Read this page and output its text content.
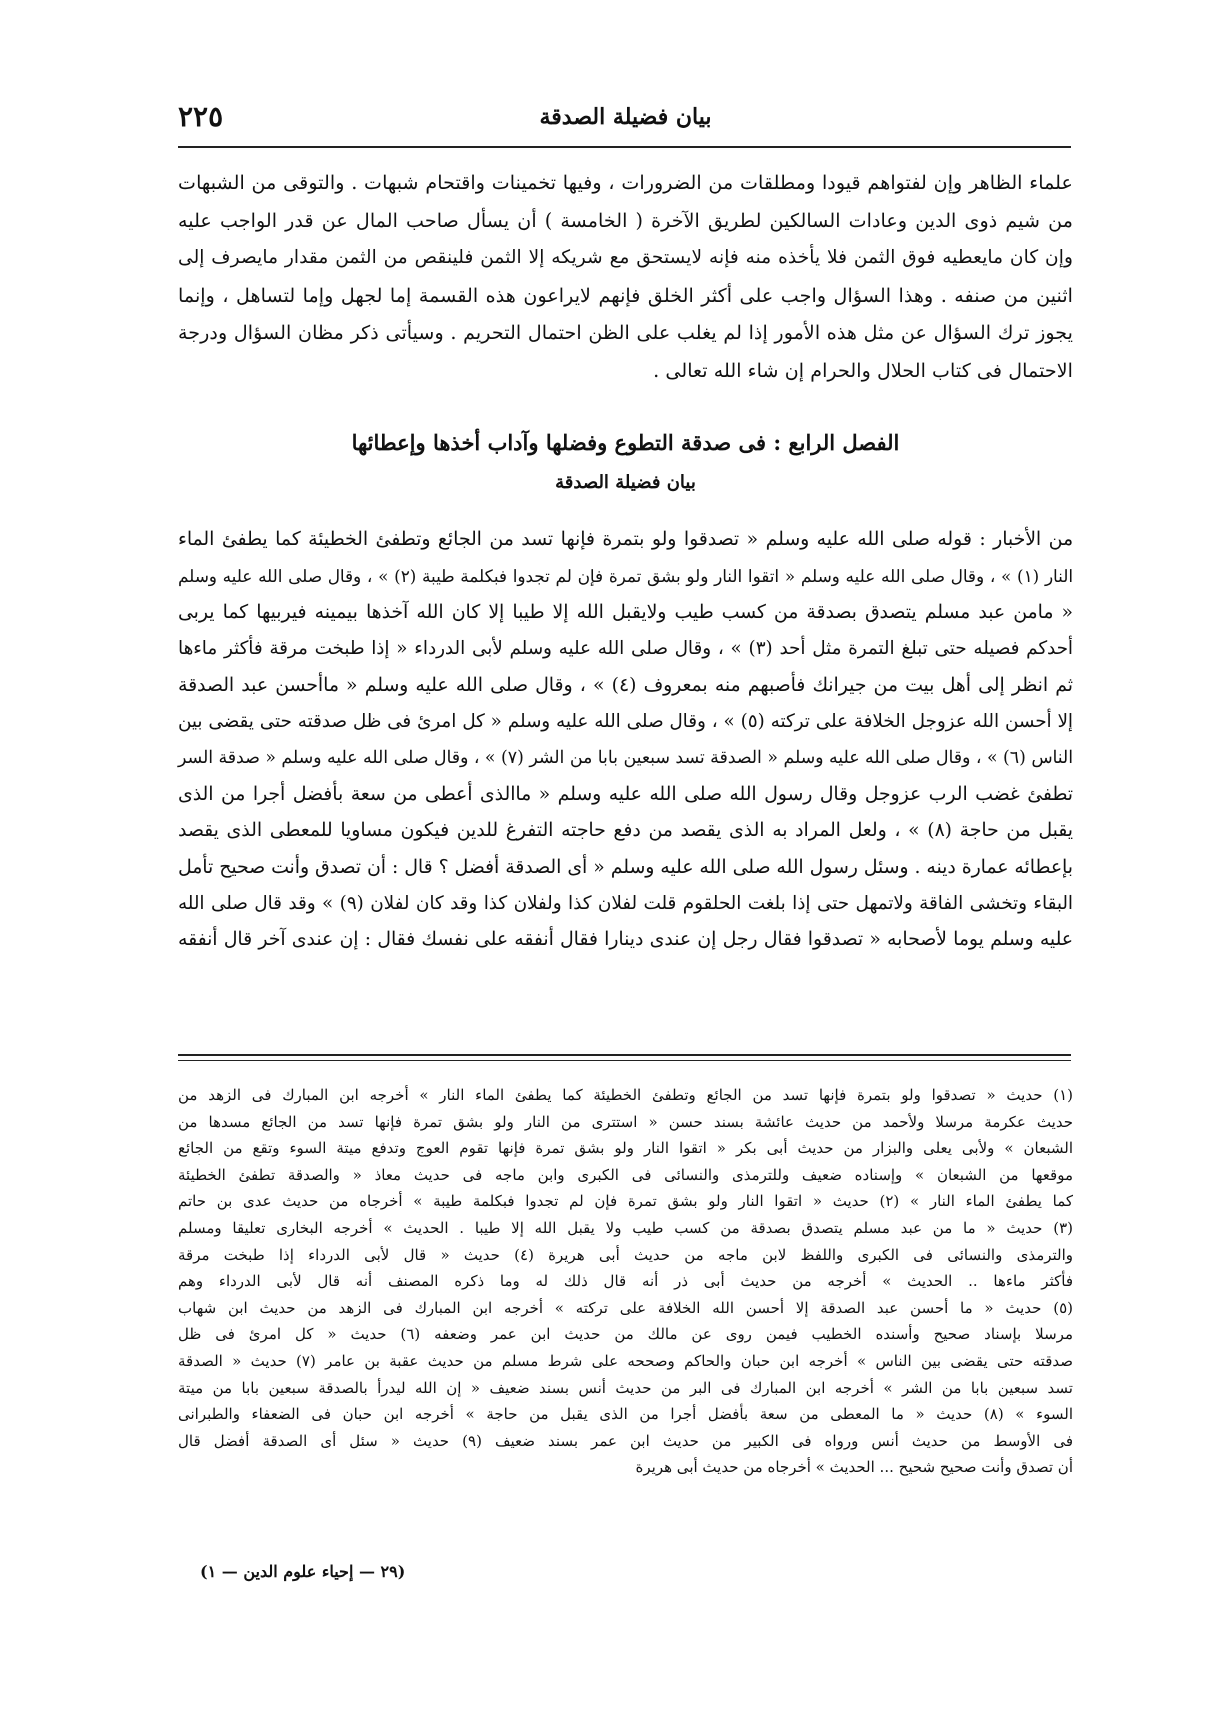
بيان فضيلة الصدقة
٢٢٥
علماء الظاهر وإن لفتواهم قيودا ومطلقات من الضرورات ، وفيها تخمينات واقتحام شبهات . والتوقى من الشبهات
من شيم ذوى الدين وعادات السالكين لطريق الآخرة ( الخامسة ) أن يسأل صاحب المال عن قدر الواجب عليه
وإن كان مايعطيه فوق الثمن فلا يأخذه منه فإنه لايستحق مع شريكه إلا الثمن فلينقص من الثمن مقدار مايصرف إلى
اثنين من صنفه . وهذا السؤال واجب على أكثر الخلق فإنهم لايراعون هذه القسمة إما لجهل وإما لتساهل ، وإنما
يجوز ترك السؤال عن مثل هذه الأمور إذا لم يغلب على الظن احتمال التحريم . وسيأتى ذكر مظان السؤال ودرجة
الاحتمال فى كتاب الحلال والحرام إن شاء الله تعالى .
الفصل الرابع : فى صدقة التطوع وفضلها وآداب أخذها وإعطائها
بيان فضيلة الصدقة
من الأخبار : قوله صلى الله عليه وسلم « تصدقوا ولو بتمرة فإنها تسد من الجائع وتطفئ الخطيئة كما يطفئ الماء
النار (١) » ، وقال صلى الله عليه وسلم « اتقوا النار ولو بشق تمرة فإن لم تجدوا فبكلمة طيبة (٢) » ، وقال صلى الله عليه وسلم
« مامن عبد مسلم يتصدق بصدقة من كسب طيب ولايقبل الله إلا طيبا إلا كان الله آخذها بيمينه فيربيها كما يربى
أحدكم فصيله حتى تبلغ التمرة مثل أحد (٣) » ، وقال صلى الله عليه وسلم لأبى الدرداء « إذا طبخت مرقة فأكثر ماءها
ثم انظر إلى أهل بيت من جيرانك فأصبهم منه بمعروف (٤) » ، وقال صلى الله عليه وسلم « ماأحسن عبد الصدقة
إلا أحسن الله عزوجل الخلافة على تركته (٥) » ، وقال صلى الله عليه وسلم « كل امرئ فى ظل صدقته حتى يقضى بين
الناس (٦) » ، وقال صلى الله عليه وسلم « الصدقة تسد سبعين بابا من الشر (٧) » ، وقال صلى الله عليه وسلم « صدقة السر
تطفئ غضب الرب عزوجل وقال رسول الله صلى الله عليه وسلم « ماالذى أعطى من سعة بأفضل أجرا من الذى
يقبل من حاجة (٨) » ، ولعل المراد به الذى يقصد من دفع حاجته التفرغ للدين فيكون مساويا للمعطى الذى يقصد
بإعطائه عمارة دينه . وسئل رسول الله صلى الله عليه وسلم « أى الصدقة أفضل ؟ قال : أن تصدق وأنت صحيح تأمل
البقاء وتخشى الفاقة ولاتمهل حتى إذا بلغت الحلقوم قلت لفلان كذا ولفلان كذا وقد كان لفلان (٩) » وقد قال صلى الله
عليه وسلم يوما لأصحابه « تصدقوا فقال رجل إن عندى دينارا فقال أنفقه على نفسك فقال : إن عندى آخر قال أنفقه
(١) حديث « تصدقوا ولو بتمرة فإنها تسد من الجائع وتطفئ الخطيئة كما يطفئ الماء النار » أخرجه ابن المبارك فى الزهد من
حديث عكرمة مرسلا ولأحمد من حديث عائشة بسند حسن « استترى من النار ولو بشق تمرة فإنها تسد من الجائع مسدها من
الشبعان » ولأبى يعلى والبزار من حديث أبى بكر « اتقوا النار ولو بشق تمرة فإنها تقوم العوج وتدفع ميتة السوء وتقع من الجائع
موقعها من الشبعان » وإسناده ضعيف وللترمذى والنسائى فى الكبرى وابن ماجه فى حديث معاذ « والصدقة تطفئ الخطيئة
كما يطفئ الماء النار » (٢) حديث « اتقوا النار ولو بشق تمرة فإن لم تجدوا فبكلمة طيبة » أخرجاه من حديث عدى بن حاتم
(٣) حديث « ما من عبد مسلم يتصدق بصدقة من كسب طيب ولا يقبل الله إلا طيبا . الحديث » أخرجه البخارى تعليقا ومسلم
والترمذى والنسائى فى الكبرى واللفظ لابن ماجه من حديث أبى هريرة (٤) حديث « قال لأبى الدرداء إذا طبخت مرقة
فأكثر ماءها .. الحديث » أخرجه من حديث أبى ذر أنه قال ذلك له وما ذكره المصنف أنه قال لأبى الدرداء وهم
(٥) حديث « ما أحسن عبد الصدقة إلا أحسن الله الخلافة على تركته » أخرجه ابن المبارك فى الزهد من حديث ابن شهاب
مرسلا بإسناد صحيح وأسنده الخطيب فيمن روى عن مالك من حديث ابن عمر وضعفه (٦) حديث « كل امرئ فى ظل
صدقته حتى يقضى بين الناس » أخرجه ابن حبان والحاكم وصححه على شرط مسلم من حديث عقبة بن عامر (٧) حديث « الصدقة
تسد سبعين بابا من الشر » أخرجه ابن المبارك فى البر من حديث أنس بسند ضعيف « إن الله ليدرأ بالصدقة سبعين بابا من ميتة
السوء » (٨) حديث « ما المعطى من سعة بأفضل أجرا من الذى يقبل من حاجة » أخرجه ابن حبان فى الضعفاء والطبرانى
فى الأوسط من حديث أنس ورواه فى الكبير من حديث ابن عمر بسند ضعيف (٩) حديث « سئل أى الصدقة أفضل قال
أن تصدق وأنت صحيح شحيح ... الحديث » أخرجاه من حديث أبى هريرة
(٢٩ — إحياء علوم الدين — ١)
